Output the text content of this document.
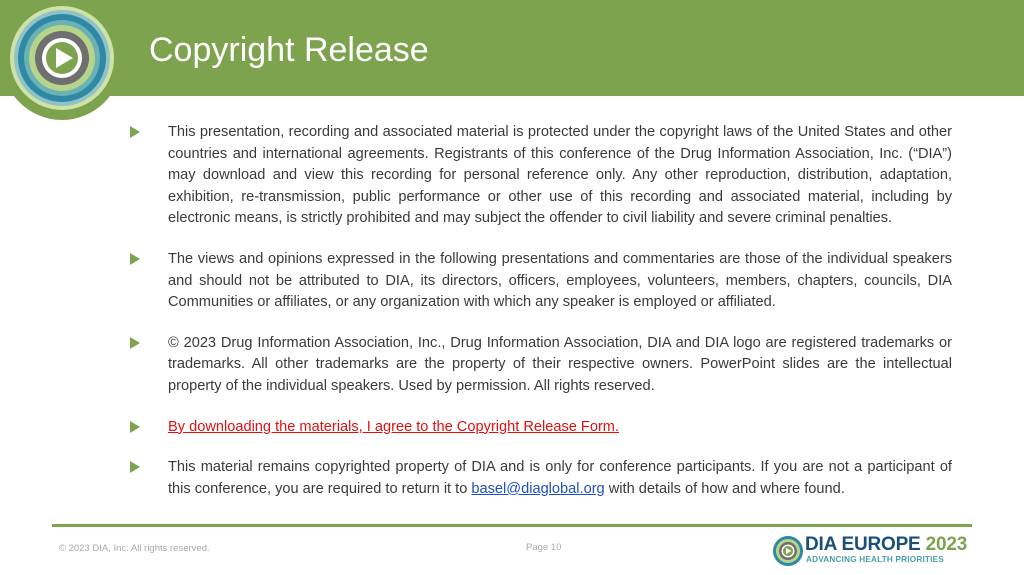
Copyright Release
This presentation, recording and associated material is protected under the copyright laws of the United States and other countries and international agreements. Registrants of this conference of the Drug Information Association, Inc. (“DIA”) may download and view this recording for personal reference only. Any other reproduction, distribution, adaptation, exhibition, re-transmission, public performance or other use of this recording and associated material, including by electronic means, is strictly prohibited and may subject the offender to civil liability and severe criminal penalties.
The views and opinions expressed in the following presentations and commentaries are those of the individual speakers and should not be attributed to DIA, its directors, officers, employees, volunteers, members, chapters, councils, DIA Communities or affiliates, or any organization with which any speaker is employed or affiliated.
© 2023 Drug Information Association, Inc., Drug Information Association, DIA and DIA logo are registered trademarks or trademarks. All other trademarks are the property of their respective owners. PowerPoint slides are the intellectual property of the individual speakers. Used by permission. All rights reserved.
By downloading the materials, I agree to the Copyright Release Form.
This material remains copyrighted property of DIA and is only for conference participants. If you are not a participant of this conference, you are required to return it to basel@diaglobal.org with details of how and where found.
© 2023 DIA, Inc. All rights reserved.	Page 10	DIA EUROPE 2023
ADVANCING HEALTH PRIORITIES
